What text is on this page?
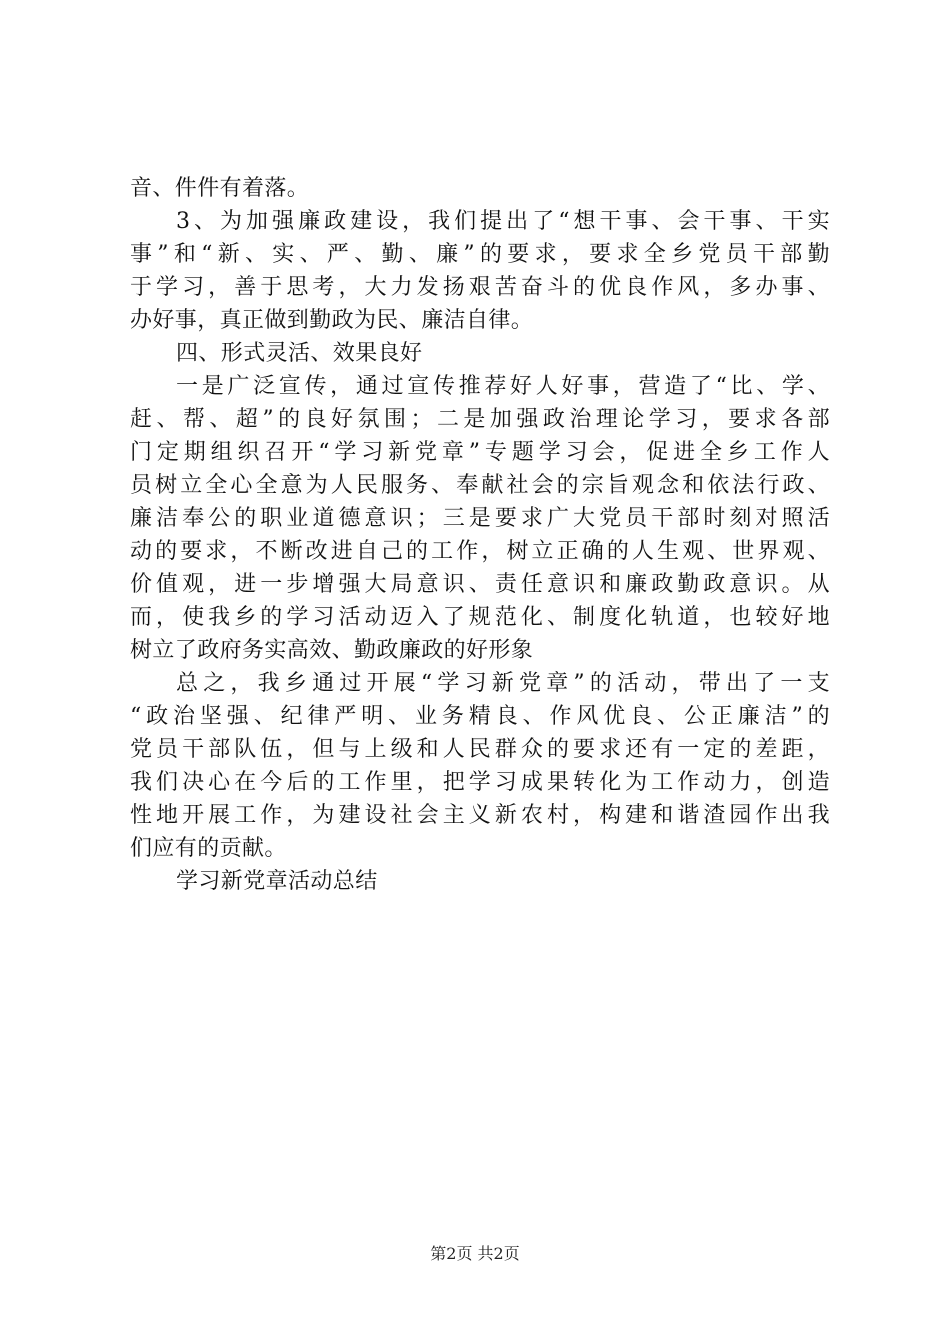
音、件件有着落。
3、为加强廉政建设，我们提出了“想干事、会干事、干实
事”和“新、实、严、勤、廉”的要求，要求全乡党员干部勤
于学习，善于思考，大力发扬艰苦奋斗的优良作风，多办事、
办好事，真正做到勤政为民、廉洁自律。
四、形式灵活、效果良好
一是广泛宣传，通过宣传推荐好人好事，营造了“比、学、
赶、帮、超”的良好氛围；二是加强政治理论学习，要求各部
门定期组织召开“学习新党章”专题学习会，促进全乡工作人
员树立全心全意为人民服务、奉献社会的宗旨观念和依法行政、
廉洁奉公的职业道德意识；三是要求广大党员干部时刻对照活
动的要求，不断改进自己的工作，树立正确的人生观、世界观、
价值观，进一步增强大局意识、责任意识和廉政勤政意识。从
而，使我乡的学习活动迈入了规范化、制度化轨道，也较好地
树立了政府务实高效、勤政廉政的好形象
总之，我乡通过开展“学习新党章”的活动，带出了一支
“政治坚强、纪律严明、业务精良、作风优良、公正廉洁”的
党员干部队伍，但与上级和人民群众的要求还有一定的差距，
我们决心在今后的工作里，把学习成果转化为工作动力，创造
性地开展工作，为建设社会主义新农村，构建和谐渣园作出我
们应有的贡献。
学习新党章活动总结
第2页 共2页
